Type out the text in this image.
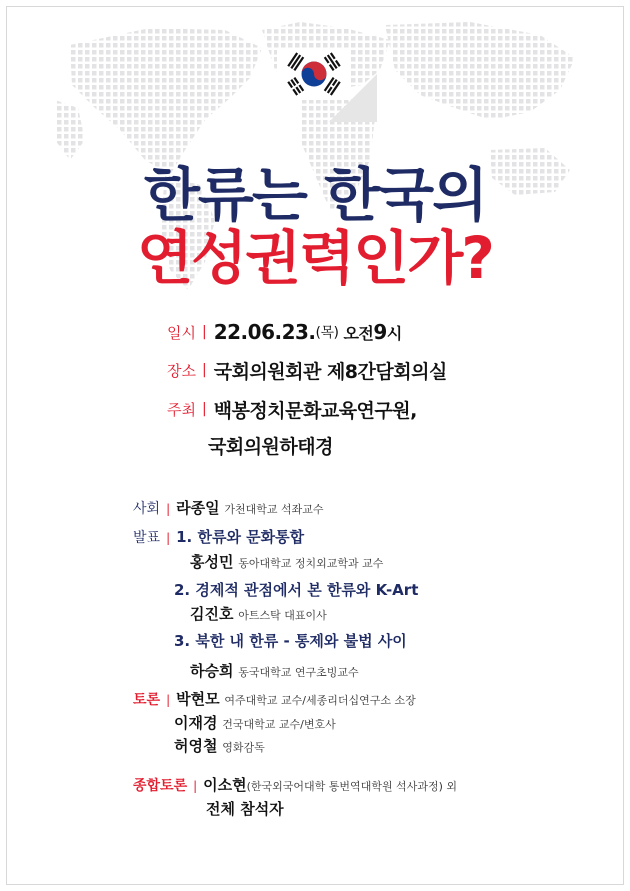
한류는 한국의
연성권력인가?
일시 | 22.06.23. (목) 오전 9 시
장소 | 국회의원회관 제8간담회의실
주최 | 백봉정치문화교육연구원,
국회의원 하태경
사회 | 라종일 가천대학교 석좌교수
발표 | 1. 한류와 문화통합
홍성민 동아대학교 정치외교학과 교수
2. 경제적 관점에서 본 한류와 K-Art
김진호 아트스탁 대표이사
3. 북한 내 한류 - 통제와 불법 사이
하승희 동국대학교 연구초빙교수
토론 | 박현모 여주대학교 교수/세종리더십연구소 소장
이재경 건국대학교 교수/변호사
허영철 영화감독
종합토론 | 이소현(한국외국어대학 통번역대학원 석사과정) 외
전체 참석자
